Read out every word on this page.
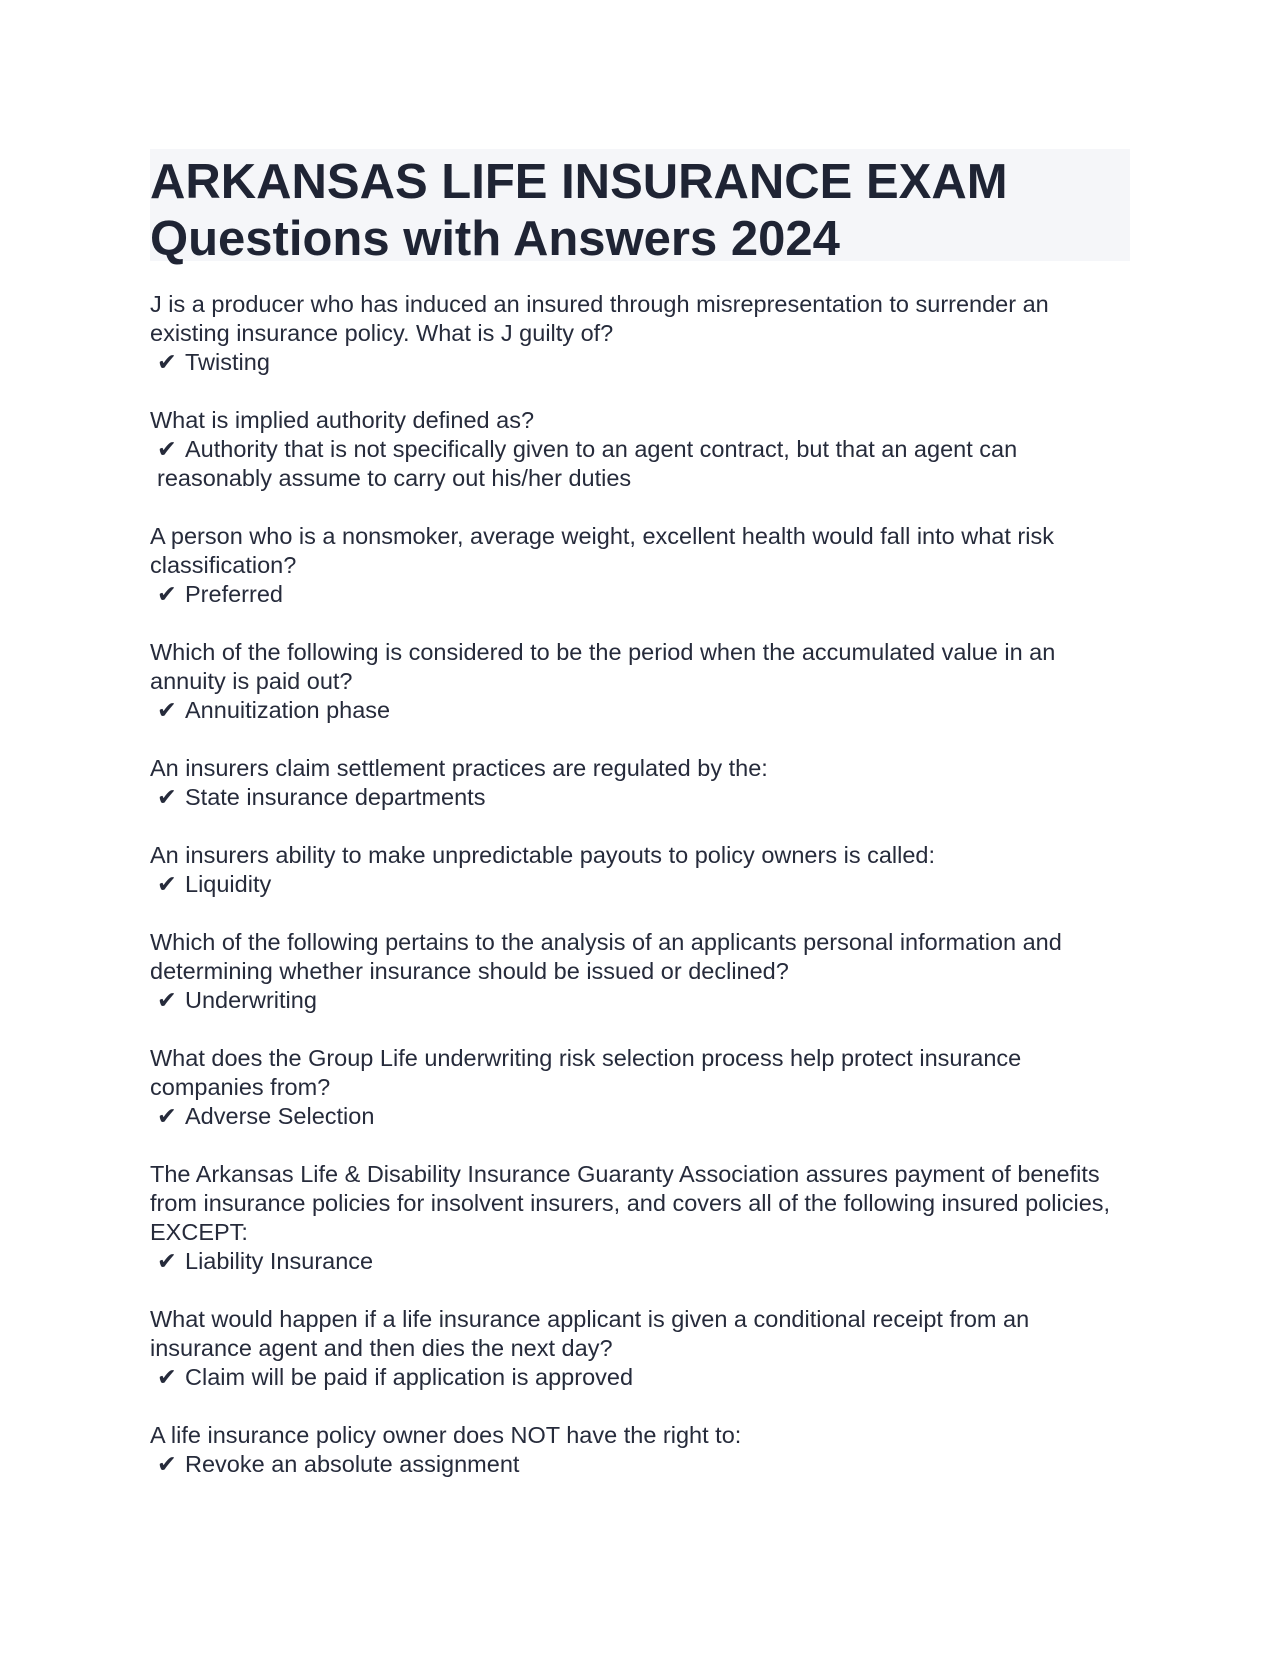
ARKANSAS LIFE INSURANCE EXAM
Questions with Answers 2024
J is a producer who has induced an insured through misrepresentation to surrender an existing insurance policy. What is J guilty of?
✔ Twisting
What is implied authority defined as?
✔ Authority that is not specifically given to an agent contract, but that an agent can reasonably assume to carry out his/her duties
A person who is a nonsmoker, average weight, excellent health would fall into what risk classification?
✔ Preferred
Which of the following is considered to be the period when the accumulated value in an annuity is paid out?
✔ Annuitization phase
An insurers claim settlement practices are regulated by the:
✔ State insurance departments
An insurers ability to make unpredictable payouts to policy owners is called:
✔ Liquidity
Which of the following pertains to the analysis of an applicants personal information and determining whether insurance should be issued or declined?
✔ Underwriting
What does the Group Life underwriting risk selection process help protect insurance companies from?
✔ Adverse Selection
The Arkansas Life & Disability Insurance Guaranty Association assures payment of benefits from insurance policies for insolvent insurers, and covers all of the following insured policies, EXCEPT:
✔ Liability Insurance
What would happen if a life insurance applicant is given a conditional receipt from an insurance agent and then dies the next day?
✔ Claim will be paid if application is approved
A life insurance policy owner does NOT have the right to:
✔ Revoke an absolute assignment
